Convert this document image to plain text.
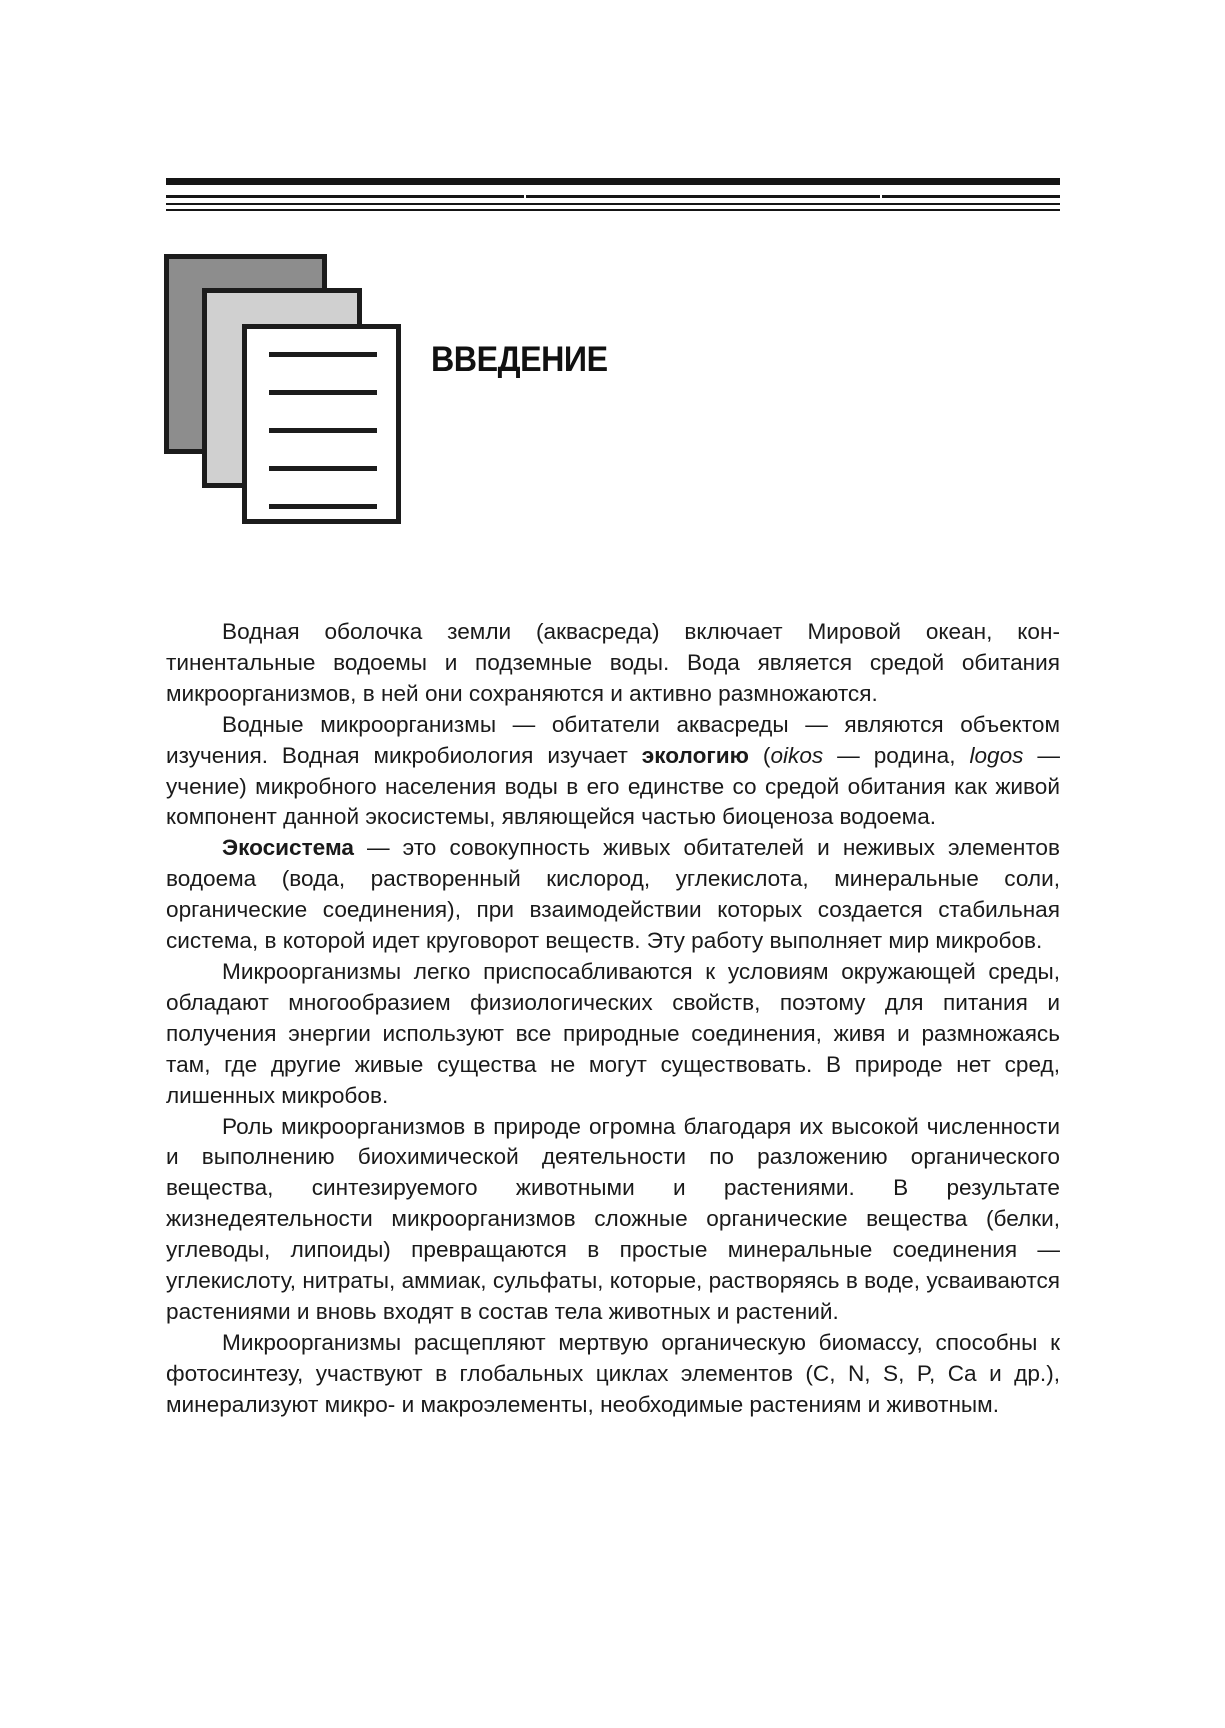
ВВЕДЕНИЕ

Водная оболочка земли (аквасреда) включает Мировой океан, континентальные водоемы и подземные воды. Вода является средой обитания микроорганизмов, в ней они сохраняются и активно размножаются.

Водные микроорганизмы — обитатели аквасреды — являются объектом изучения. Водная микробиология изучает экологию (oikos — родина, logos — учение) микробного населения воды в его единстве со средой обитания как живой компонент данной экосистемы, являющейся частью биоценоза водоема.

Экосистема — это совокупность живых обитателей и неживых элементов водоема (вода, растворенный кислород, углекислота, минеральные соли, органические соединения), при взаимодействии которых создается стабильная система, в которой идет круговорот веществ. Эту работу выполняет мир микробов.

Микроорганизмы легко приспосабливаются к условиям окружающей среды, обладают многообразием физиологических свойств, поэтому для питания и получения энергии используют все природные соединения, живя и размножаясь там, где другие живые существа не могут существовать. В природе нет сред, лишенных микробов.

Роль микроорганизмов в природе огромна благодаря их высокой численности и выполнению биохимической деятельности по разложению органического вещества, синтезируемого животными и растениями. В результате жизнедеятельности микроорганизмов сложные органические вещества (белки, углеводы, липоиды) превращаются в простые минеральные соединения — углекислоту, нитраты, аммиак, сульфаты, которые, растворяясь в воде, усваиваются растениями и вновь входят в состав тела животных и растений.

Микроорганизмы расщепляют мертвую органическую биомассу, способны к фотосинтезу, участвуют в глобальных циклах элементов (C, N, S, P, Ca и др.), минерализуют микро- и макроэлементы, необходимые растениям и животным.
